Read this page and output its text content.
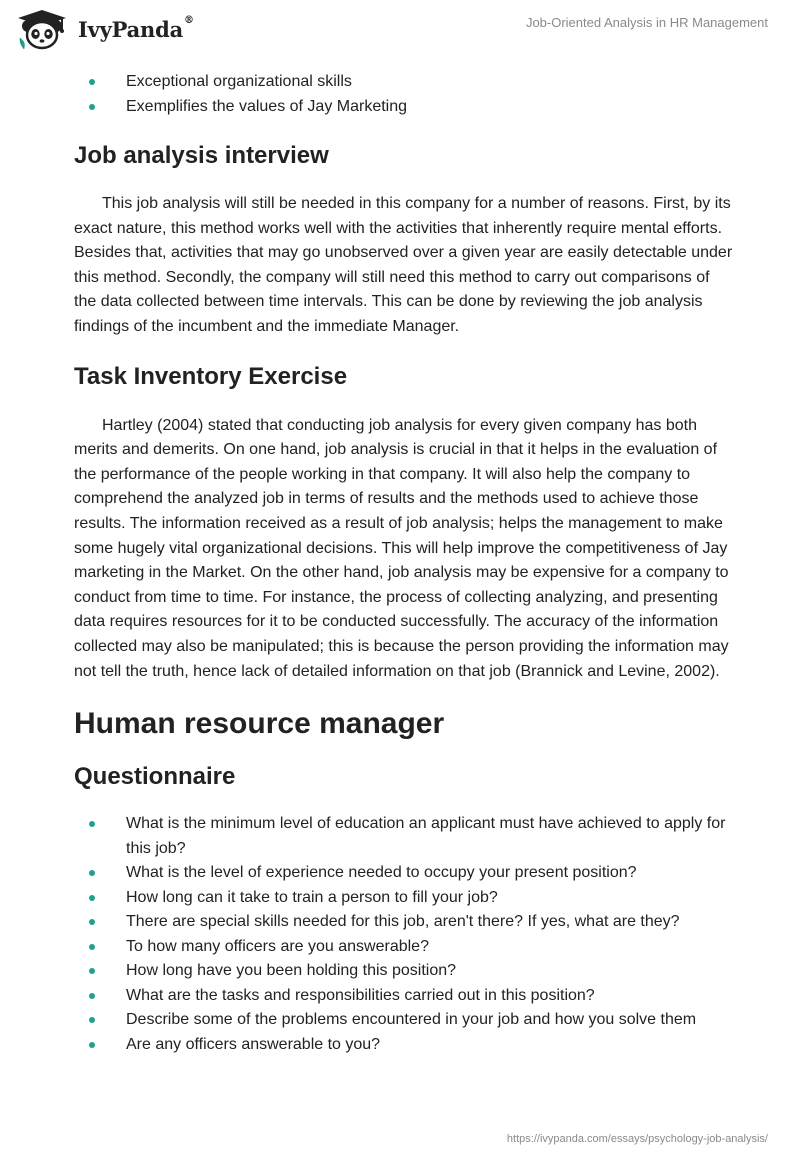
IvyPanda®	Job-Oriented Analysis in HR Management
Exceptional organizational skills
Exemplifies the values of Jay Marketing
Job analysis interview

This job analysis will still be needed in this company for a number of reasons. First, by its exact nature, this method works well with the activities that inherently require mental efforts. Besides that, activities that may go unobserved over a given year are easily detectable under this method. Secondly, the company will still need this method to carry out comparisons of the data collected between time intervals. This can be done by reviewing the job analysis findings of the incumbent and the immediate Manager.

Task Inventory Exercise

Hartley (2004) stated that conducting job analysis for every given company has both merits and demerits. On one hand, job analysis is crucial in that it helps in the evaluation of the performance of the people working in that company. It will also help the company to comprehend the analyzed job in terms of results and the methods used to achieve those results. The information received as a result of job analysis; helps the management to make some hugely vital organizational decisions. This will help improve the competitiveness of Jay marketing in the Market. On the other hand, job analysis may be expensive for a company to conduct from time to time. For instance, the process of collecting analyzing, and presenting data requires resources for it to be conducted successfully. The accuracy of the information collected may also be manipulated; this is because the person providing the information may not tell the truth, hence lack of detailed information on that job (Brannick and Levine, 2002).

Human resource manager
Questionnaire
What is the minimum level of education an applicant must have achieved to apply for this job?
What is the level of experience needed to occupy your present position?
How long can it take to train a person to fill your job?
There are special skills needed for this job, aren't there? If yes, what are they?
To how many officers are you answerable?
How long have you been holding this position?
What are the tasks and responsibilities carried out in this position?
Describe some of the problems encountered in your job and how you solve them
Are any officers answerable to you?
https://ivypanda.com/essays/psychology-job-analysis/
